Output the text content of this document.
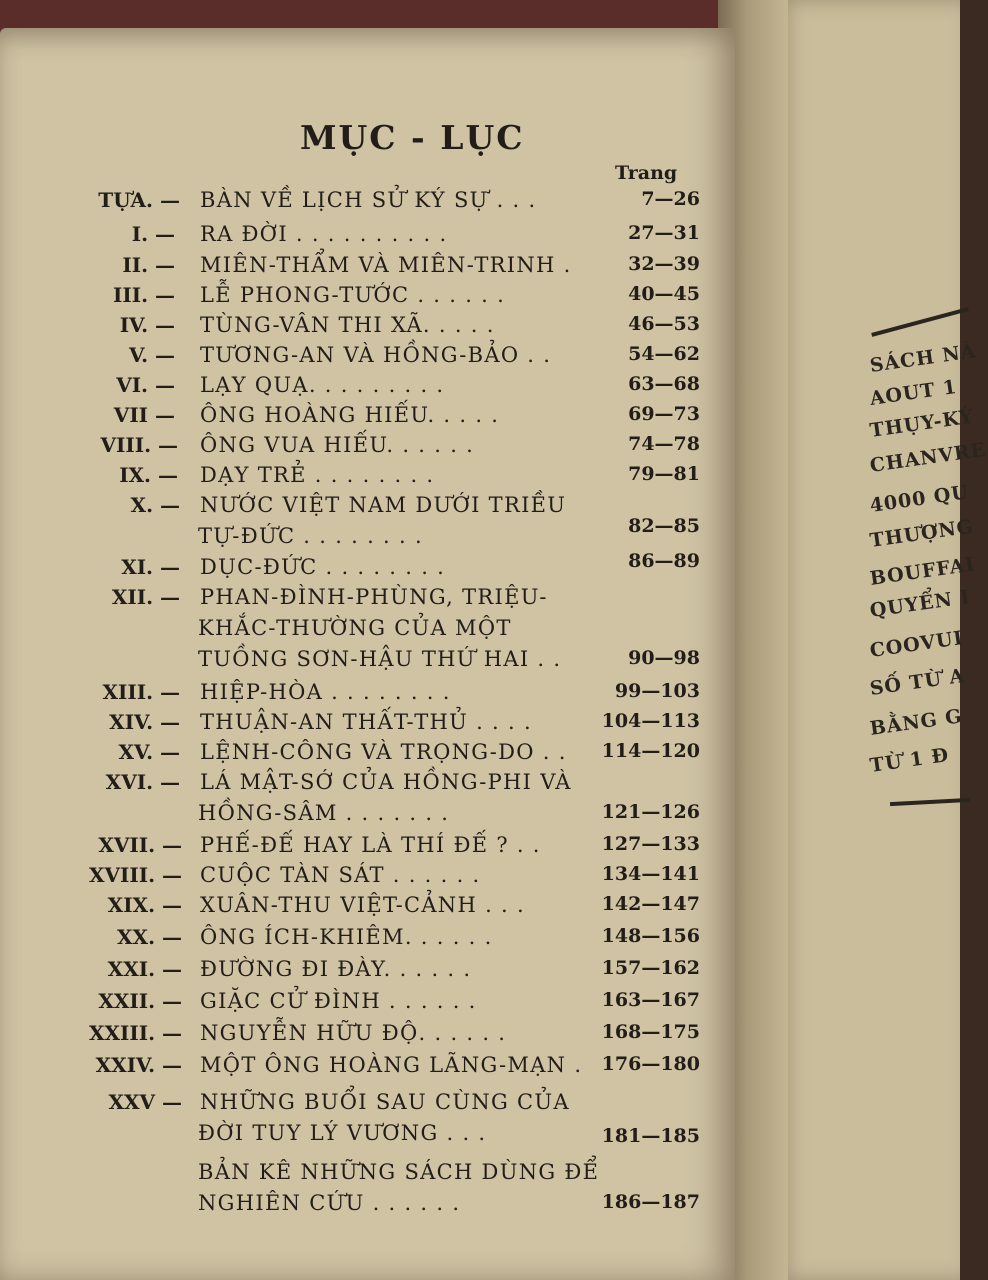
SÁCH NÀ
AOUT 1
THỤY-KÝ
CHANVRE
4000 QU
THƯỢNG
BOUFFAI
QUYỂN I
COOVUI
SỐ TỪ A
BẰNG G
TỪ 1 Đ
MỤC - LỤC
Trang
TỰA. — BÀN VỀ LỊCH SỬ KÝ SỰ . . .	7—26
I. — RA ĐỜI . . . . . . . . . .	27—31
II. — MIÊN-THẨM VÀ MIÊN-TRINH .	32—39
III. — LỄ PHONG-TƯỚC . . . . . .	40—45
IV. — TÙNG-VÂN THI XÃ. . . . .	46—53
V. — TƯƠNG-AN VÀ HỒNG-BẢO . .	54—62
VI. — LẠY QUẠ. . . . . . . . .	63—68
VII — ÔNG HOÀNG HIẾU. . . . .	69—73
VIII. — ÔNG VUA HIẾU. . . . . .	74—78
IX. — DẠY TRẺ . . . . . . . .	79—81
X. — NƯỚC VIỆT NAM DƯỚI TRIỀU
TỰ-ĐỨC . . . . . . . .	82—85
XI. — DỤC-ĐỨC . . . . . . . .	86—89
XII. — PHAN-ĐÌNH-PHÙNG, TRIỆU-
KHẮC-THƯỜNG CỦA MỘT
TUỒNG SƠN-HẬU THỨ HAI . .	90—98
XIII. — HIỆP-HÒA . . . . . . . .	99—103
XIV. — THUẬN-AN THẤT-THỦ . . . .	104—113
XV. — LỆNH-CÔNG VÀ TRỌNG-DO . .	114—120
XVI. — LÁ MẬT-SỚ CỦA HỒNG-PHI VÀ
HỒNG-SÂM . . . . . . .	121—126
XVII. — PHẾ-ĐẾ HAY LÀ THÍ ĐẾ ? . .	127—133
XVIII. — CUỘC TÀN SÁT . . . . . .	134—141
XIX. — XUÂN-THU VIỆT-CẢNH . . .	142—147
XX. — ÔNG ÍCH-KHIÊM. . . . . .	148—156
XXI. — ĐƯỜNG ĐI ĐÀY. . . . . .	157—162
XXII. — GIẶC CỬ ĐÌNH . . . . . .	163—167
XXIII. — NGUYỄN HỮU ĐỘ. . . . . .	168—175
XXIV. — MỘT ÔNG HOÀNG LÃNG-MẠN .	176—180
XXV — NHỮNG BUỔI SAU CÙNG CỦA
ĐỜI TUY LÝ VƯƠNG . . .	181—185
BẢN KÊ NHỮNG SÁCH DÙNG ĐỂ
NGHIÊN CỨU . . . . . .	186—187
